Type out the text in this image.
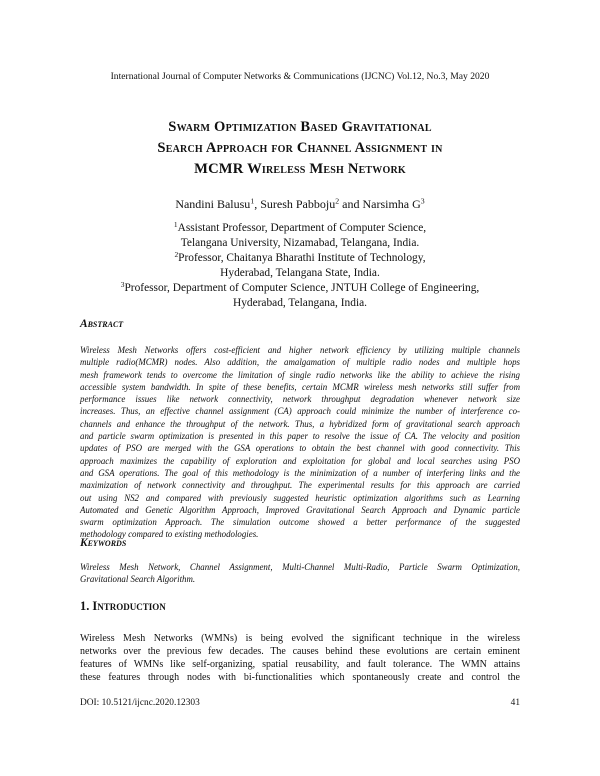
International Journal of Computer Networks & Communications (IJCNC) Vol.12, No.3, May 2020
Swarm Optimization Based Gravitational
Search Approach for Channel Assignment in
MCMR Wireless Mesh Network
Nandini Balusu$^1$, Suresh Pabboju$^2$ and Narsimha $G^3$
$^1$Assistant Professor, Department of Computer Science,
Telangana University, Nizamabad, Telangana, India.
$^2$Professor, Chaitanya Bharathi Institute of Technology,
Hyderabad, Telangana State, India.
$^3$Professor, Department of Computer Science, JNTUH College of Engineering,
Hyderabad, Telangana, India.
Abstract
Wireless Mesh Networks offers cost-efficient and higher network efficiency by utilizing multiple channels
multiple radio(MCMR) nodes. Also addition, the amalgamation of multiple radio nodes and multiple hops
mesh framework tends to overcome the limitation of single radio networks like the ability to achieve the rising
accessible system bandwidth. In spite of these benefits, certain MCMR wireless mesh networks still suffer from
performance issues like network connectivity, network throughput degradation whenever network size
increases. Thus, an effective channel assignment (CA) approach could minimize the number of interference co-
channels and enhance the throughput of the network. Thus, a hybridized form of gravitational search approach
and particle swarm optimization is presented in this paper to resolve the issue of CA. The velocity and position
updates of PSO are merged with the GSA operations to obtain the best channel with good connectivity. This
approach maximizes the capability of exploration and exploitation for global and local searches using PSO
and GSA operations. The goal of this methodology is the minimization of a number of interfering links and the
maximization of network connectivity and throughput. The experimental results for this approach are carried
out using NS2 and compared with previously suggested heuristic optimization algorithms such as Learning
Automated and Genetic Algorithm Approach, Improved Gravitational Search Approach and Dynamic particle
swarm optimization Approach. The simulation outcome showed a better performance of the suggested
methodology compared to existing methodologies.
Keywords
Wireless Mesh Network, Channel Assignment, Multi-Channel Multi-Radio, Particle Swarm Optimization,
Gravitational Search Algorithm.
1. Introduction
Wireless Mesh Networks (WMNs) is being evolved the significant technique in the wireless
networks over the previous few decades. The causes behind these evolutions are certain eminent
features of WMNs like self-organizing, spatial reusability, and fault tolerance. The WMN attains
these features through nodes with bi-functionalities which spontaneously create and control the
DOI: 10.5121/ijcnc.2020.12303	41
